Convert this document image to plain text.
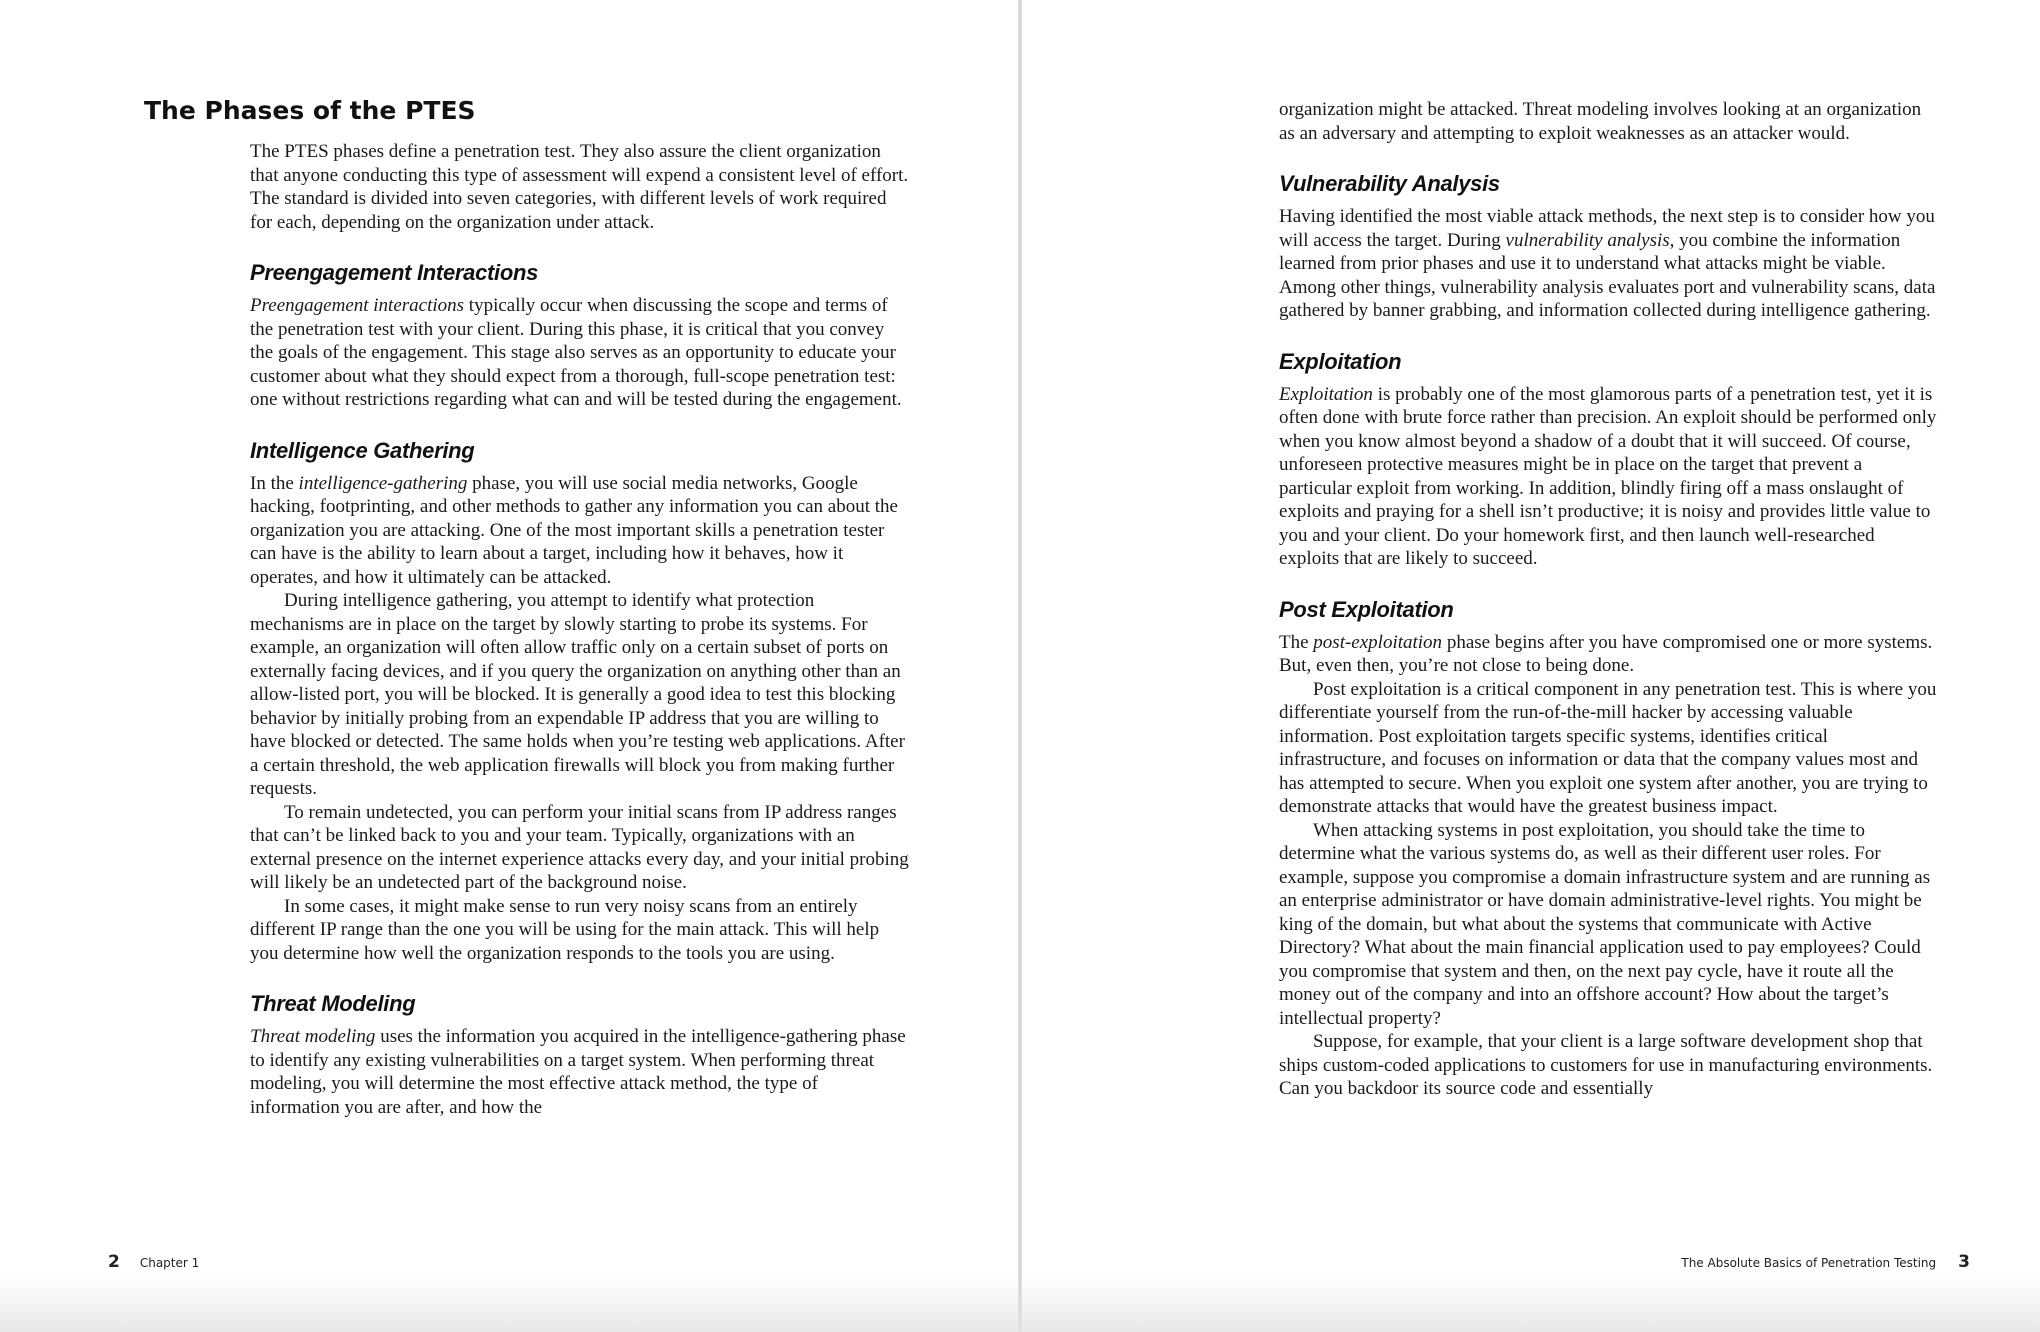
The Phases of the PTES

The PTES phases define a penetration test. They also assure the client organization that anyone conducting this type of assessment will expend a consistent level of effort. The standard is divided into seven categories, with different levels of work required for each, depending on the organization under attack.

Preengagement Interactions

Preengagement interactions typically occur when discussing the scope and terms of the penetration test with your client. During this phase, it is critical that you convey the goals of the engagement. This stage also serves as an opportunity to educate your customer about what they should expect from a thorough, full-scope penetration test: one without restrictions regarding what can and will be tested during the engagement.

Intelligence Gathering

In the intelligence-gathering phase, you will use social media networks, Google hacking, footprinting, and other methods to gather any information you can about the organization you are attacking. One of the most important skills a penetration tester can have is the ability to learn about a target, including how it behaves, how it operates, and how it ultimately can be attacked.

During intelligence gathering, you attempt to identify what protection mechanisms are in place on the target by slowly starting to probe its systems. For example, an organization will often allow traffic only on a certain subset of ports on externally facing devices, and if you query the organization on anything other than an allow-listed port, you will be blocked. It is generally a good idea to test this blocking behavior by initially probing from an expendable IP address that you are willing to have blocked or detected. The same holds when you’re testing web applications. After a certain threshold, the web application firewalls will block you from making further requests.

To remain undetected, you can perform your initial scans from IP address ranges that can’t be linked back to you and your team. Typically, organizations with an external presence on the internet experience attacks every day, and your initial probing will likely be an undetected part of the background noise.

In some cases, it might make sense to run very noisy scans from an entirely different IP range than the one you will be using for the main attack. This will help you determine how well the organization responds to the tools you are using.

Threat Modeling

Threat modeling uses the information you acquired in the intelligence-gathering phase to identify any existing vulnerabilities on a target system. When performing threat modeling, you will determine the most effective attack method, the type of information you are after, and how the

2 Chapter 1

organization might be attacked. Threat modeling involves looking at an organization as an adversary and attempting to exploit weaknesses as an attacker would.

Vulnerability Analysis

Having identified the most viable attack methods, the next step is to consider how you will access the target. During vulnerability analysis, you combine the information learned from prior phases and use it to understand what attacks might be viable. Among other things, vulnerability analysis evaluates port and vulnerability scans, data gathered by banner grabbing, and information collected during intelligence gathering.

Exploitation

Exploitation is probably one of the most glamorous parts of a penetration test, yet it is often done with brute force rather than precision. An exploit should be performed only when you know almost beyond a shadow of a doubt that it will succeed. Of course, unforeseen protective measures might be in place on the target that prevent a particular exploit from working. In addition, blindly firing off a mass onslaught of exploits and praying for a shell isn’t productive; it is noisy and provides little value to you and your client. Do your homework first, and then launch well-researched exploits that are likely to succeed.

Post Exploitation

The post-exploitation phase begins after you have compromised one or more systems. But, even then, you’re not close to being done.

Post exploitation is a critical component in any penetration test. This is where you differentiate yourself from the run-of-the-mill hacker by accessing valuable information. Post exploitation targets specific systems, identifies critical infrastructure, and focuses on information or data that the company values most and has attempted to secure. When you exploit one system after another, you are trying to demonstrate attacks that would have the greatest business impact.

When attacking systems in post exploitation, you should take the time to determine what the various systems do, as well as their different user roles. For example, suppose you compromise a domain infrastructure system and are running as an enterprise administrator or have domain administrative-level rights. You might be king of the domain, but what about the systems that communicate with Active Directory? What about the main financial application used to pay employees? Could you compromise that system and then, on the next pay cycle, have it route all the money out of the company and into an offshore account? How about the target’s intellectual property?

Suppose, for example, that your client is a large software development shop that ships custom-coded applications to customers for use in manufacturing environments. Can you backdoor its source code and essentially

The Absolute Basics of Penetration Testing 3
